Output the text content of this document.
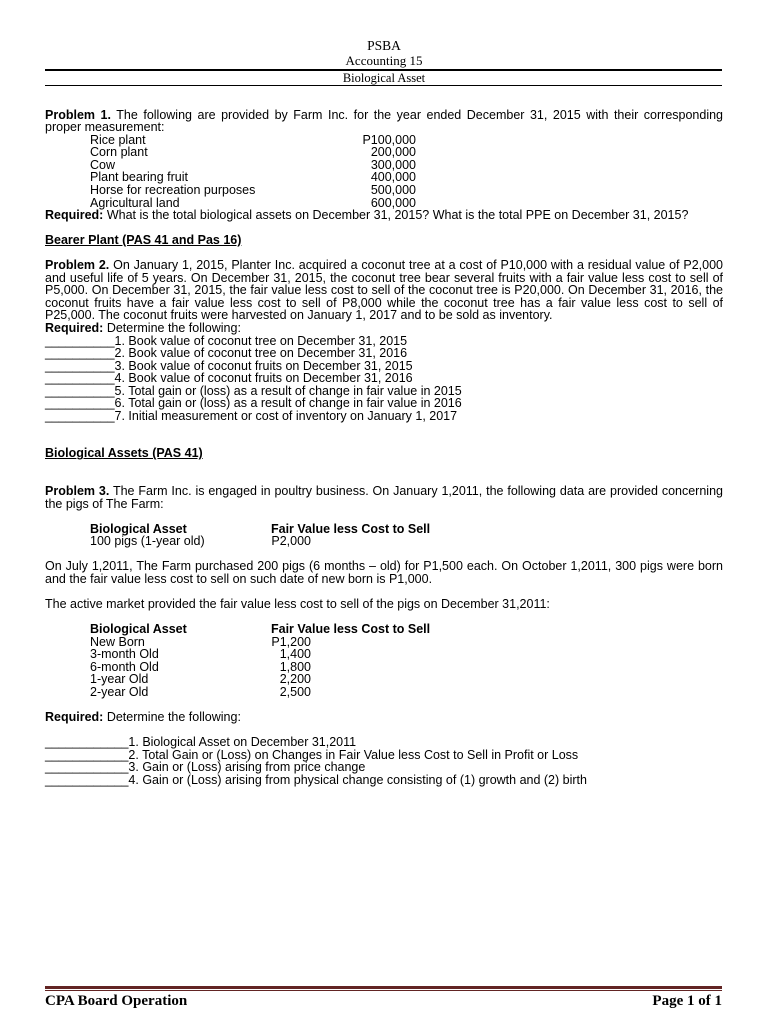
PSBA
Accounting 15
Biological Asset

Problem 1. The following are provided by Farm Inc. for the year ended December 31, 2015 with their corresponding proper measurement:

Rice plant	P100,000
Corn plant	200,000
Cow	300,000
Plant bearing fruit	400,000
Horse for recreation purposes	500,000
Agricultural land	600,000

Required: What is the total biological assets on December 31, 2015? What is the total PPE on December 31, 2015?

Bearer Plant (PAS 41 and Pas 16)

Problem 2. On January 1, 2015, Planter Inc. acquired a coconut tree at a cost of P10,000 with a residual value of P2,000 and useful life of 5 years. On December 31, 2015, the coconut tree bear several fruits with a fair value less cost to sell of P5,000. On December 31, 2015, the fair value less cost to sell of the coconut tree is P20,000. On December 31, 2016, the coconut fruits have a fair value less cost to sell of P8,000 while the coconut tree has a fair value less cost to sell of P25,000. The coconut fruits were harvested on January 1, 2017 and to be sold as inventory.

Required: Determine the following:

__________1. Book value of coconut tree on December 31, 2015
__________2. Book value of coconut tree on December 31, 2016
__________3. Book value of coconut fruits on December 31, 2015
__________4. Book value of coconut fruits on December 31, 2016
__________5. Total gain or (loss) as a result of change in fair value in 2015
__________6. Total gain or (loss) as a result of change in fair value in 2016
__________7. Initial measurement or cost of inventory on January 1, 2017
Biological Assets (PAS 41)

Problem 3. The Farm Inc. is engaged in poultry business. On January 1,2011, the following data are provided concerning the pigs of The Farm:

Biological Asset	Fair Value less Cost to Sell
100 pigs (1-year old)	P2,000

On July 1,2011, The Farm purchased 200 pigs (6 months – old) for P1,500 each. On October 1,2011, 300 pigs were born and the fair value less cost to sell on such date of new born is P1,000.

The active market provided the fair value less cost to sell of the pigs on December 31,2011:

Biological Asset	Fair Value less Cost to Sell
New Born	P1,200
3-month Old	1,400
6-month Old	1,800
1-year Old	2,200
2-year Old	2,500

Required: Determine the following:

____________1. Biological Asset on December 31,2011
____________2. Total Gain or (Loss) on Changes in Fair Value less Cost to Sell in Profit or Loss
____________3. Gain or (Loss) arising from price change
____________4. Gain or (Loss) arising from physical change consisting of (1) growth and (2) birth
CPA Board Operation	Page 1 of 1
